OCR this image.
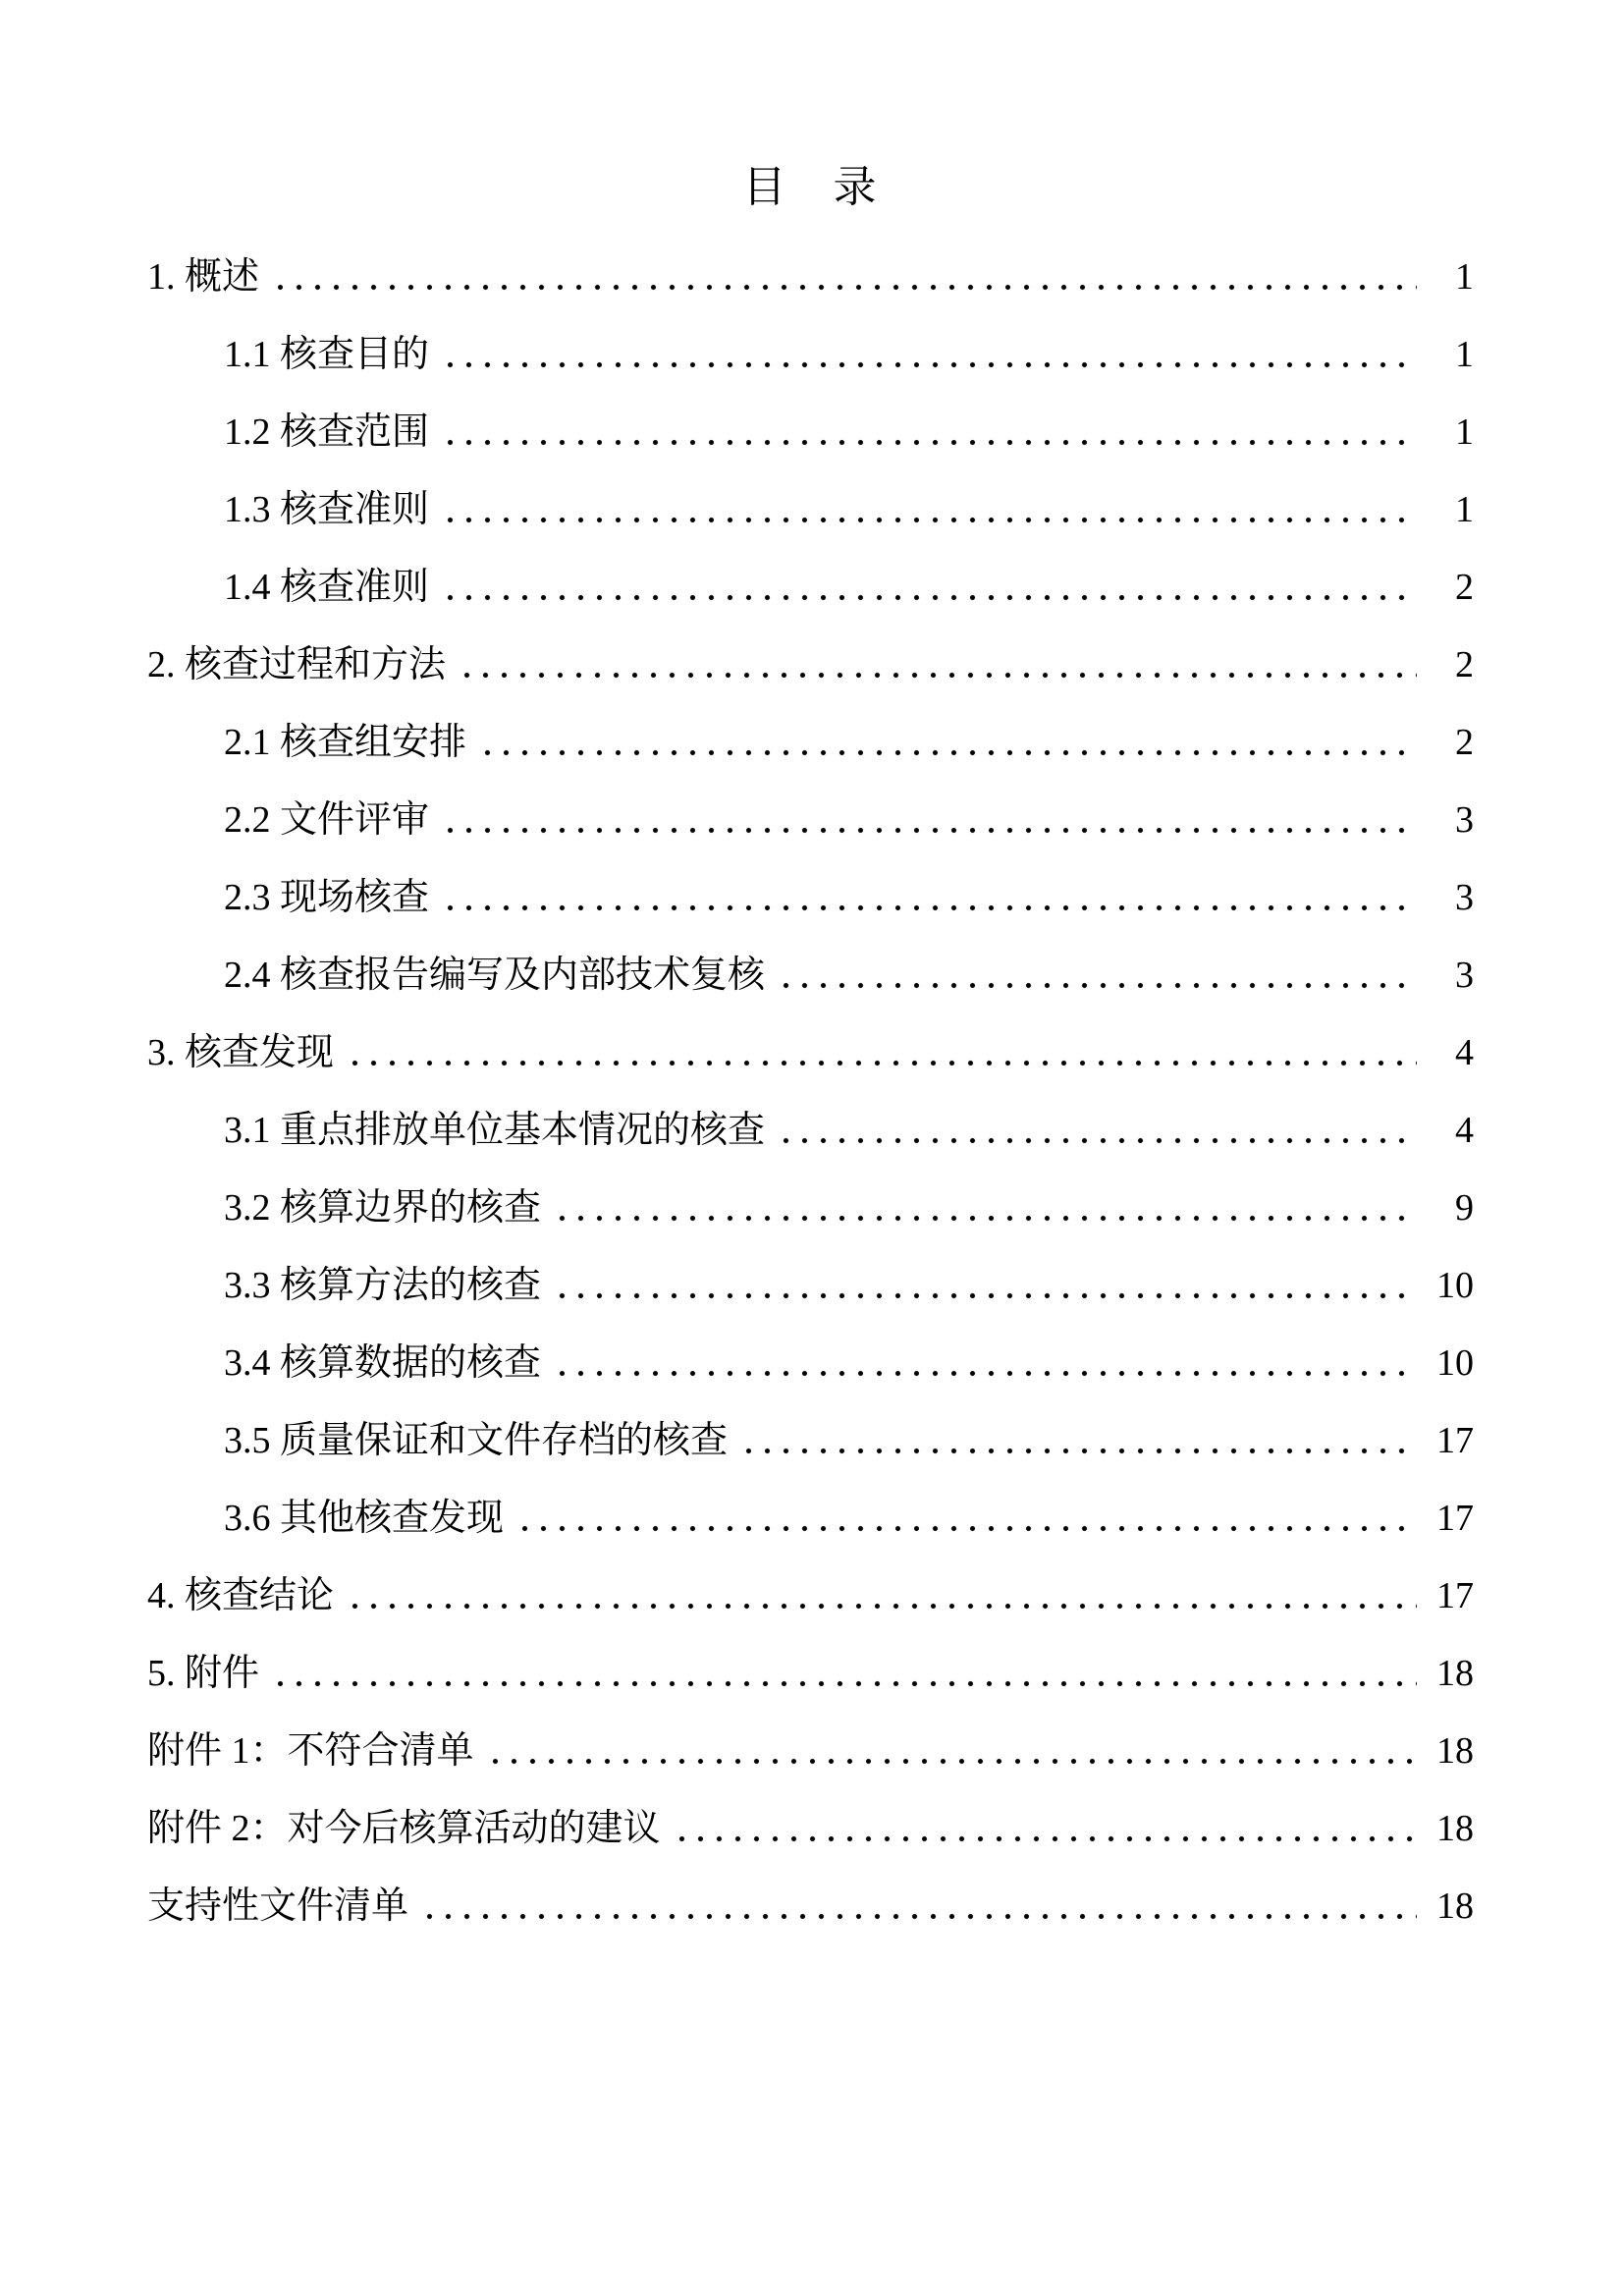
目　录
1. 概述	1
1.1 核查目的	1
1.2 核查范围	1
1.3 核查准则	1
1.4 核查准则	2
2. 核查过程和方法	2
2.1 核查组安排	2
2.2 文件评审	3
2.3 现场核查	3
2.4 核查报告编写及内部技术复核	3
3. 核查发现	4
3.1 重点排放单位基本情况的核查	4
3.2 核算边界的核查	9
3.3 核算方法的核查	10
3.4 核算数据的核查	10
3.5 质量保证和文件存档的核查	17
3.6 其他核查发现	17
4. 核查结论	17
5. 附件	18
附件 1：不符合清单	18
附件 2：对今后核算活动的建议	18
支持性文件清单	18
